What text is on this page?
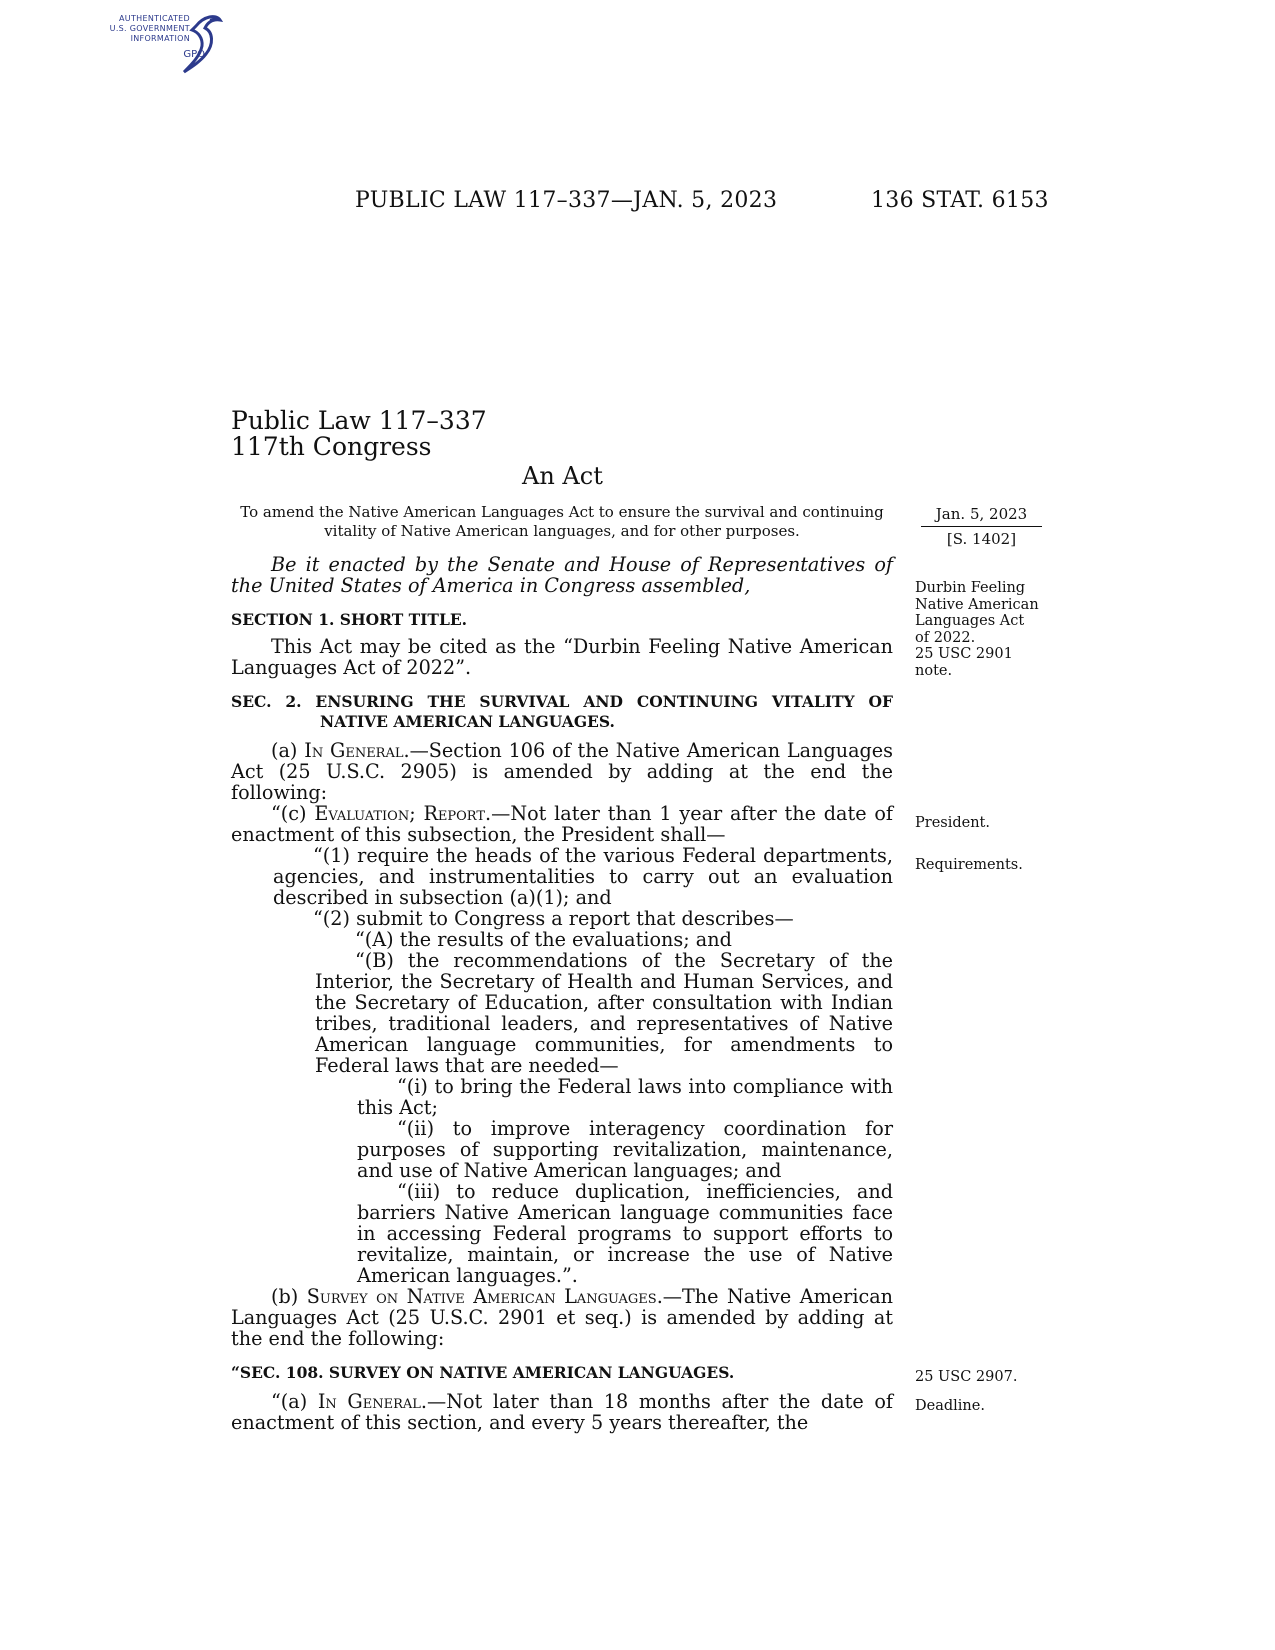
AUTHENTICATED
U.S. GOVERNMENT
INFORMATION
GPO
PUBLIC LAW 117–337—JAN. 5, 2023	136 STAT. 6153
Public Law 117–337
117th Congress
An Act
To amend the Native American Languages Act to ensure the survival and continuing vitality of Native American languages, and for other purposes.
Jan. 5, 2023
[S. 1402]
Durbin Feeling
Native American
Languages Act
of 2022.
25 USC 2901
note.
President.
Requirements.
25 USC 2907.
Deadline.

Be it enacted by the Senate and House of Representatives of the United States of America in Congress assembled,

SECTION 1. SHORT TITLE.

This Act may be cited as the “Durbin Feeling Native American Languages Act of 2022”.

SEC. 2. ENSURING THE SURVIVAL AND CONTINUING VITALITY OF NATIVE AMERICAN LANGUAGES.

(a) In General.—Section 106 of the Native American Languages Act (25 U.S.C. 2905) is amended by adding at the end the following:

“(c) Evaluation; Report.—Not later than 1 year after the date of enactment of this subsection, the President shall—

“(1) require the heads of the various Federal departments, agencies, and instrumentalities to carry out an evaluation described in subsection (a)(1); and

“(2) submit to Congress a report that describes—

“(A) the results of the evaluations; and

“(B) the recommendations of the Secretary of the Interior, the Secretary of Health and Human Services, and the Secretary of Education, after consultation with Indian tribes, traditional leaders, and representatives of Native American language communities, for amendments to Federal laws that are needed—

“(i) to bring the Federal laws into compliance with this Act;

“(ii) to improve interagency coordination for purposes of supporting revitalization, maintenance, and use of Native American languages; and

“(iii) to reduce duplication, inefficiencies, and barriers Native American language communities face in accessing Federal programs to support efforts to revitalize, maintain, or increase the use of Native American languages.”.

(b) Survey on Native American Languages.—The Native American Languages Act (25 U.S.C. 2901 et seq.) is amended by adding at the end the following:

“SEC. 108. SURVEY ON NATIVE AMERICAN LANGUAGES.

“(a) In General.—Not later than 18 months after the date of enactment of this section, and every 5 years thereafter, the
